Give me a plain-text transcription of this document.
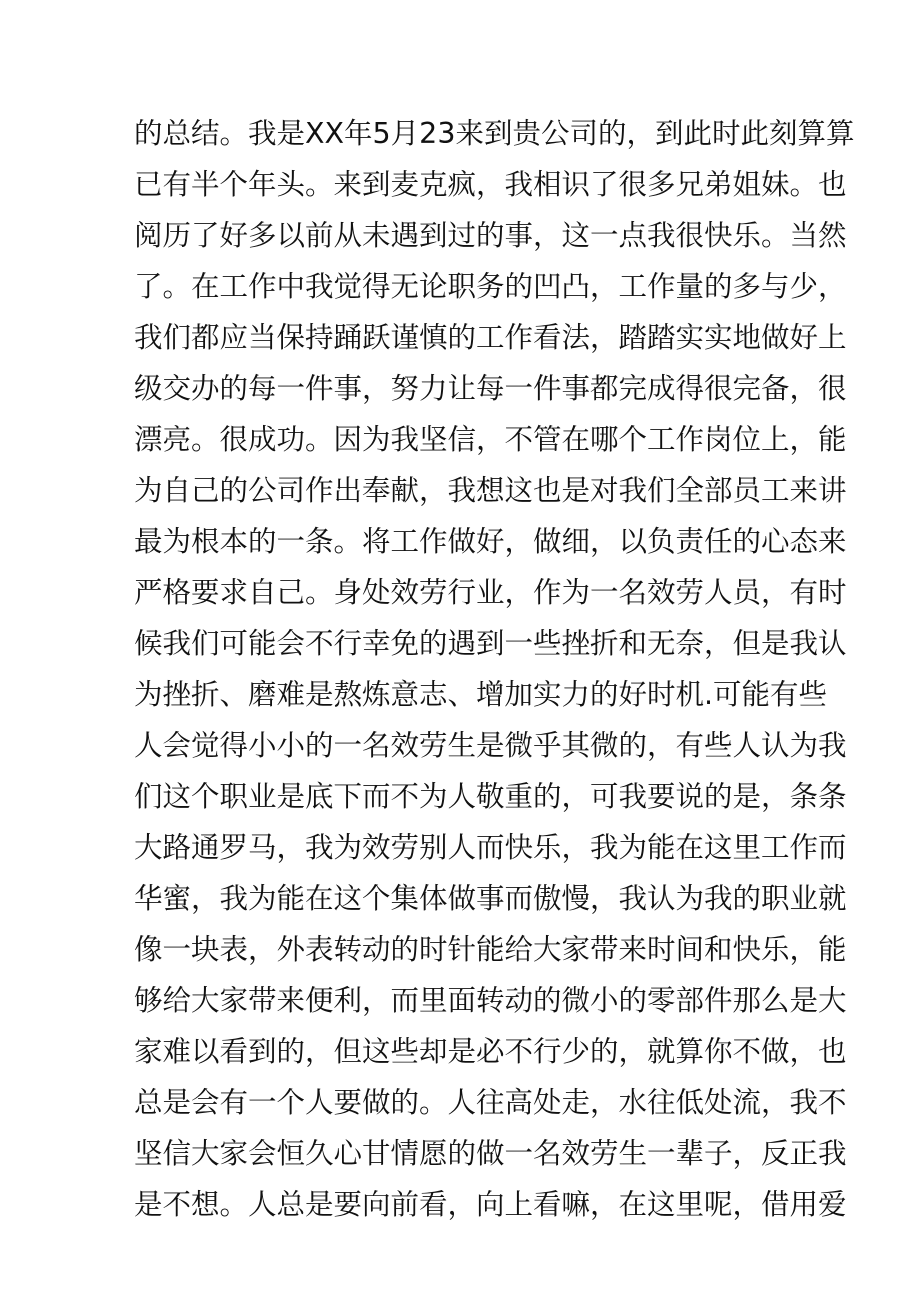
的总结。我是XX年5月23来到贵公司的，到此时此刻算算
已有半个年头。来到麦克疯，我相识了很多兄弟姐妹。也
阅历了好多以前从未遇到过的事，这一点我很快乐。当然
了。在工作中我觉得无论职务的凹凸，工作量的多与少，
我们都应当保持踊跃谨慎的工作看法，踏踏实实地做好上
级交办的每一件事，努力让每一件事都完成得很完备，很
漂亮。很成功。因为我坚信，不管在哪个工作岗位上，能
为自己的公司作出奉献，我想这也是对我们全部员工来讲
最为根本的一条。将工作做好，做细，以负责任的心态来
严格要求自己。身处效劳行业，作为一名效劳人员，有时
候我们可能会不行幸免的遇到一些挫折和无奈，但是我认
为挫折、磨难是熬炼意志、增加实力的好时机.可能有些
人会觉得小小的一名效劳生是微乎其微的，有些人认为我
们这个职业是底下而不为人敬重的，可我要说的是，条条
大路通罗马，我为效劳别人而快乐，我为能在这里工作而
华蜜，我为能在这个集体做事而傲慢，我认为我的职业就
像一块表，外表转动的时针能给大家带来时间和快乐，能
够给大家带来便利，而里面转动的微小的零部件那么是大
家难以看到的，但这些却是必不行少的，就算你不做，也
总是会有一个人要做的。人往高处走，水往低处流，我不
坚信大家会恒久心甘情愿的做一名效劳生一辈子，反正我
是不想。人总是要向前看，向上看嘛，在这里呢，借用爱
